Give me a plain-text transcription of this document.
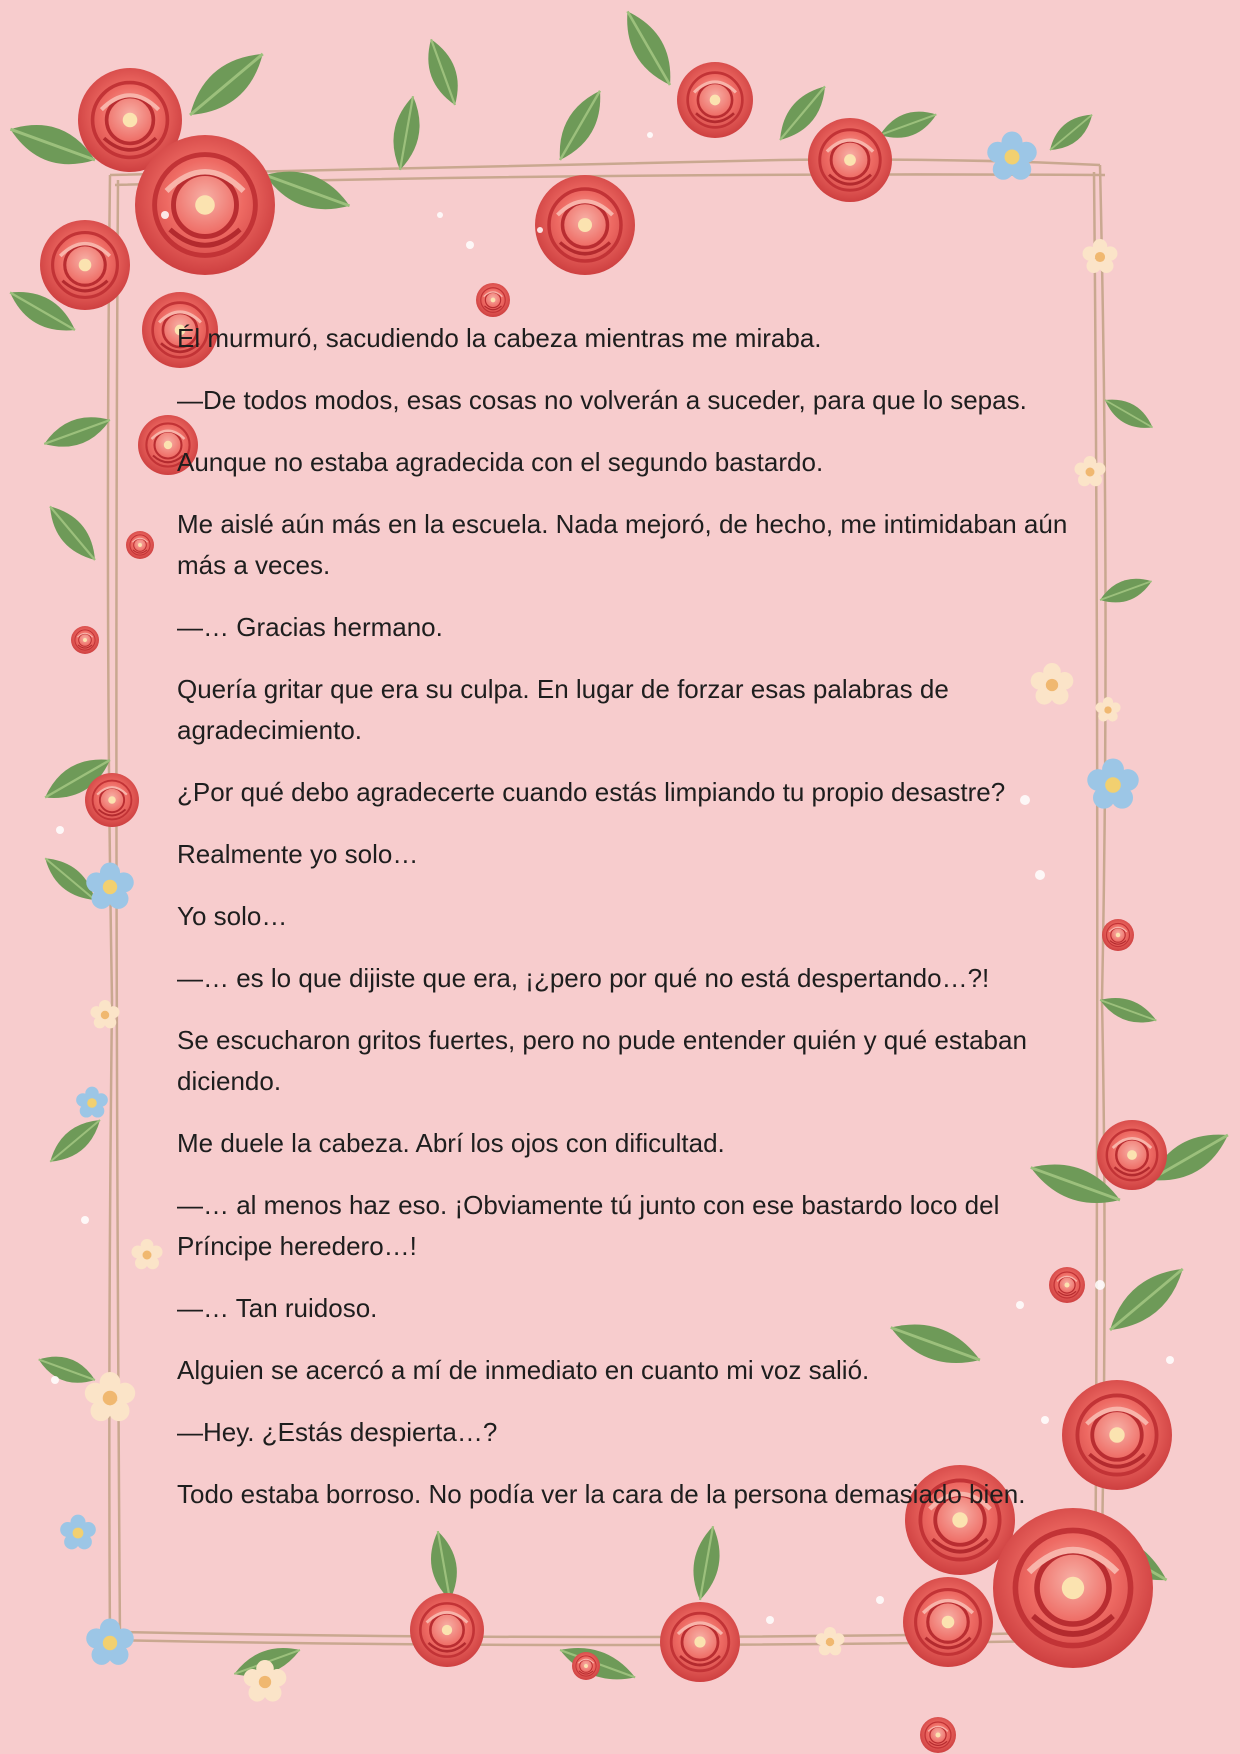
Él murmuró, sacudiendo la cabeza mientras me miraba.

—De todos modos, esas cosas no volverán a suceder, para que lo sepas.

Aunque no estaba agradecida con el segundo bastardo.

Me aislé aún más en la escuela. Nada mejoró, de hecho, me intimidaban aún más a veces.

—… Gracias hermano.

Quería gritar que era su culpa. En lugar de forzar esas palabras de agradecimiento.

¿Por qué debo agradecerte cuando estás limpiando tu propio desastre?

Realmente yo solo…

Yo solo…

—… es lo que dijiste que era, ¡¿pero por qué no está despertando…?!

Se escucharon gritos fuertes, pero no pude entender quién y qué estaban diciendo.

Me duele la cabeza. Abrí los ojos con dificultad.

—… al menos haz eso. ¡Obviamente tú junto con ese bastardo loco del Príncipe heredero…!

—… Tan ruidoso.

Alguien se acercó a mí de inmediato en cuanto mi voz salió.

—Hey. ¿Estás despierta…?

Todo estaba borroso. No podía ver la cara de la persona demasiado bien.
